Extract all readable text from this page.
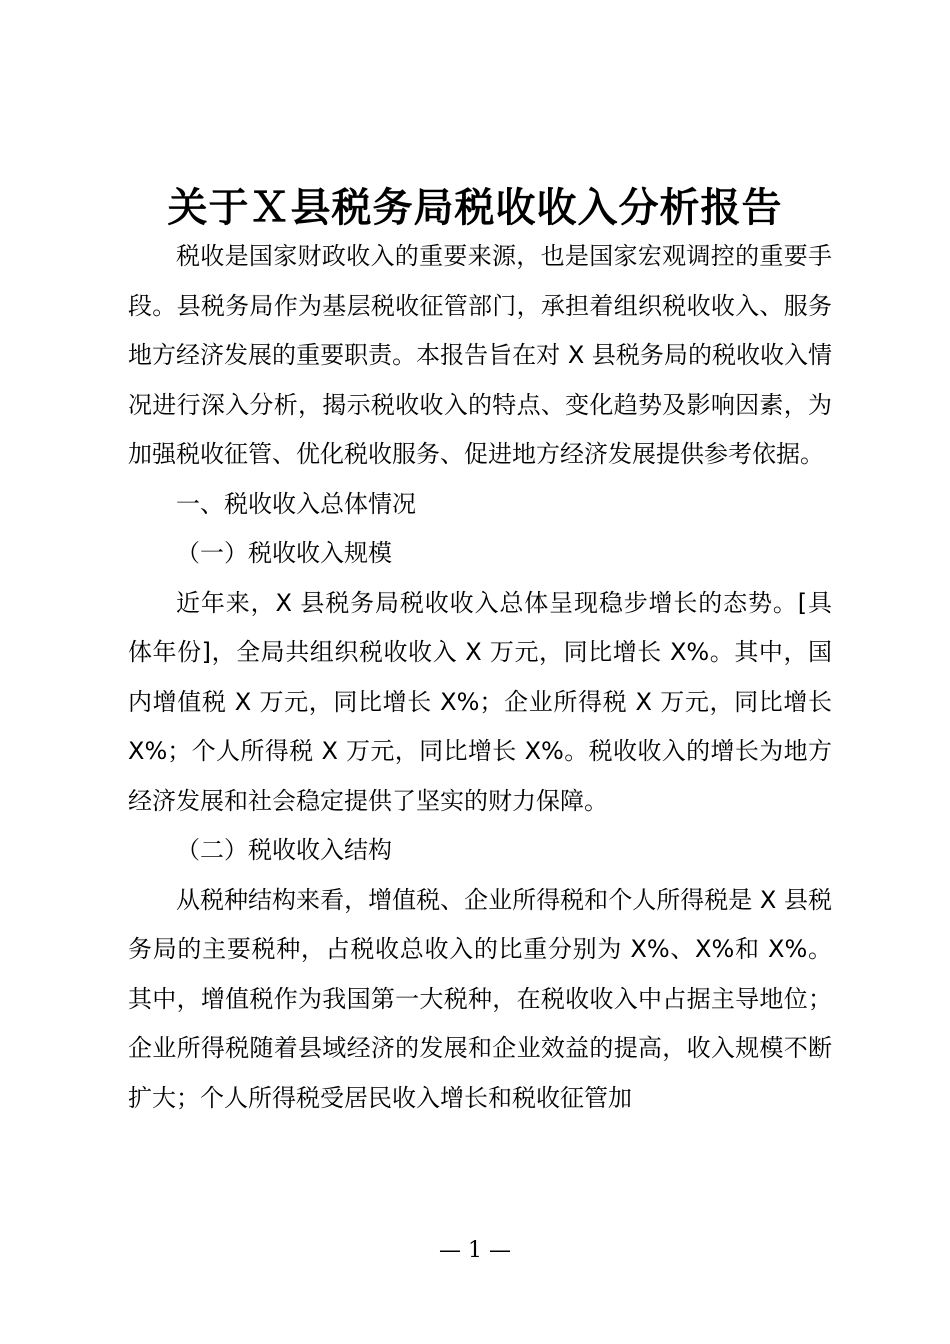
关于Ｘ县税务局税收收入分析报告

税收是国家财政收入的重要来源，也是国家宏观调控的重要手段。县税务局作为基层税收征管部门，承担着组织税收收入、服务地方经济发展的重要职责。本报告旨在对 X 县税务局的税收收入情况进行深入分析，揭示税收收入的特点、变化趋势及影响因素，为加强税收征管、优化税收服务、促进地方经济发展提供参考依据。

一、税收收入总体情况

（一）税收收入规模

近年来，X 县税务局税收收入总体呈现稳步增长的态势。[具体年份]，全局共组织税收收入 X 万元，同比增长 X%。其中，国内增值税 X 万元，同比增长 X%；企业所得税 X 万元，同比增长 X%；个人所得税 X 万元，同比增长 X%。税收收入的增长为地方经济发展和社会稳定提供了坚实的财力保障。

（二）税收收入结构

从税种结构来看，增值税、企业所得税和个人所得税是 X 县税务局的主要税种，占税收总收入的比重分别为 X%、X%和 X%。其中，增值税作为我国第一大税种，在税收收入中占据主导地位；企业所得税随着县域经济的发展和企业效益的提高，收入规模不断扩大；个人所得税受居民收入增长和税收征管加

— 1 —
